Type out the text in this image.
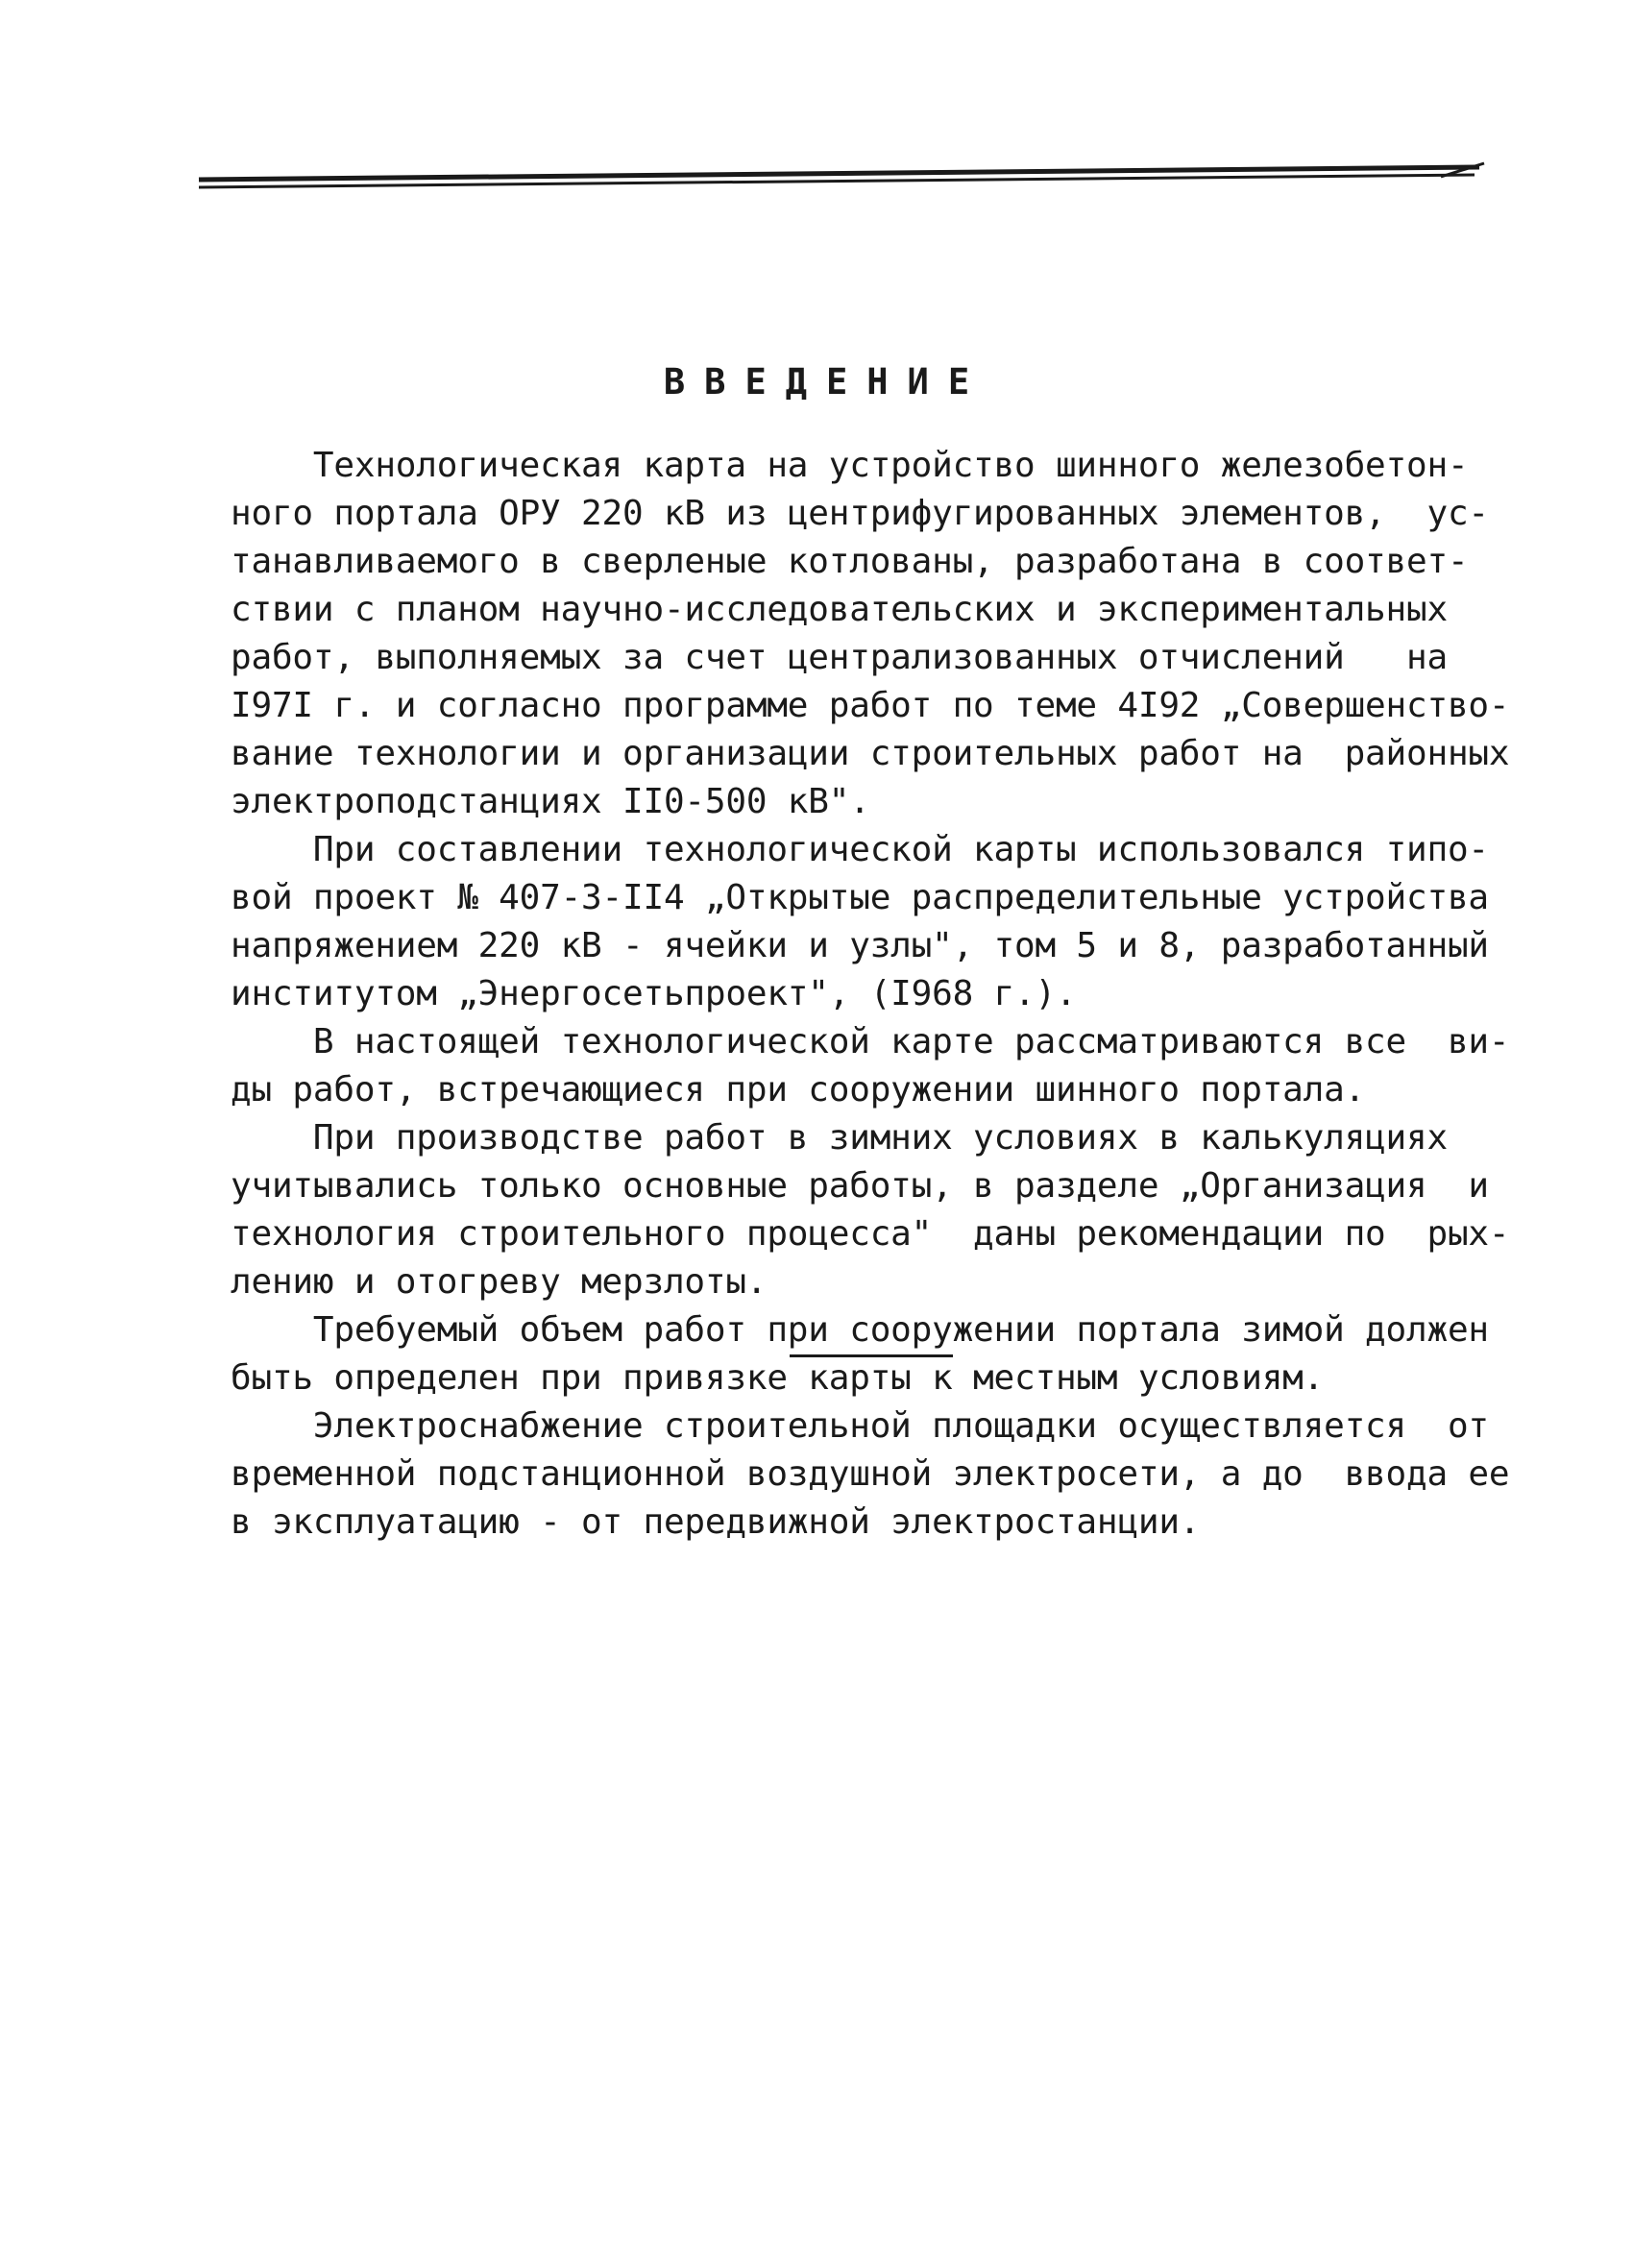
ВВЕДЕНИЕ
Технологическая карта на устройство шинного железобетон-
ного портала ОРУ 220 кВ из центрифугированных элементов,  ус-
танавливаемого в сверленые котлованы, разработана в соответ-
ствии с планом научно-исследовательских и экспериментальных
работ, выполняемых за счет централизованных отчислений   на
I97I г. и согласно программе работ по теме 4I92 „Совершенство-
вание технологии и организации строительных работ на  районных
электроподстанциях II0-500 кВ".
При составлении технологической карты использовался типо-
вой проект № 407-3-II4 „Открытые распределительные устройства
напряжением 220 кВ - ячейки и узлы", том 5 и 8, разработанный
институтом „Энергосетьпроект", (I968 г.).
В настоящей технологической карте рассматриваются все  ви-
ды работ, встречающиеся при сооружении шинного портала.
При производстве работ в зимних условиях в калькуляциях
учитывались только основные работы, в разделе „Организация  и
технология строительного процесса"  даны рекомендации по  рых-
лению и отогреву мерзлоты.
Требуемый объем работ при сооружении портала зимой должен
быть определен при привязке карты к местным условиям.
Электроснабжение строительной площадки осуществляется  от
временной подстанционной воздушной электросети, а до  ввода ее
в эксплуатацию - от передвижной электростанции.
